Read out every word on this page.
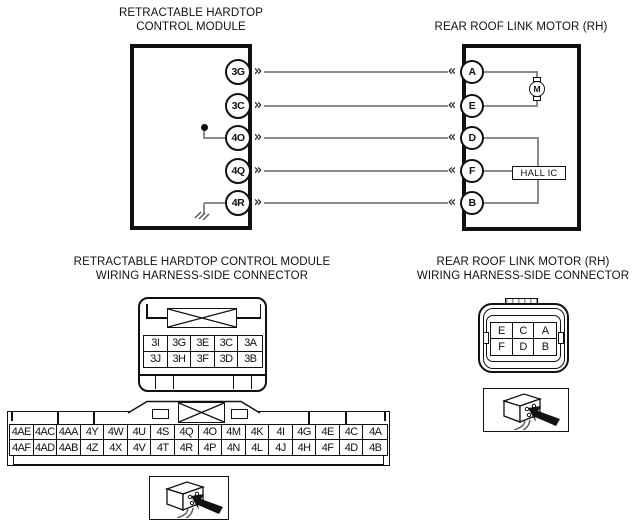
RETRACTABLE HARDTOP
CONTROL MODULE	REAR ROOF LINK MOTOR (RH)
M
HALL IC
»
»
»
»
»
«
«
«
«
«
3G
3C
4O
4Q
4R
A
E
D
F
B
RETRACTABLE HARDTOP CONTROL MODULE
WIRING HARNESS-SIDE CONNECTOR
REAR ROOF LINK MOTOR (RH)
WIRING HARNESS-SIDE CONNECTOR
3I	3G 3E	3C	3A
3J	3H	3F	3D	3B
4AE 4AC 4AA 4Y 4W 4U 4S 4Q 4O 4M 4K	4I	4G 4E	4C	4A
4AF 4AD 4AB 4Z	4X	4V	4T	4R 4P	4N	4L	4J	4H	4F	4D	4B
E	C	A
F	D	B
